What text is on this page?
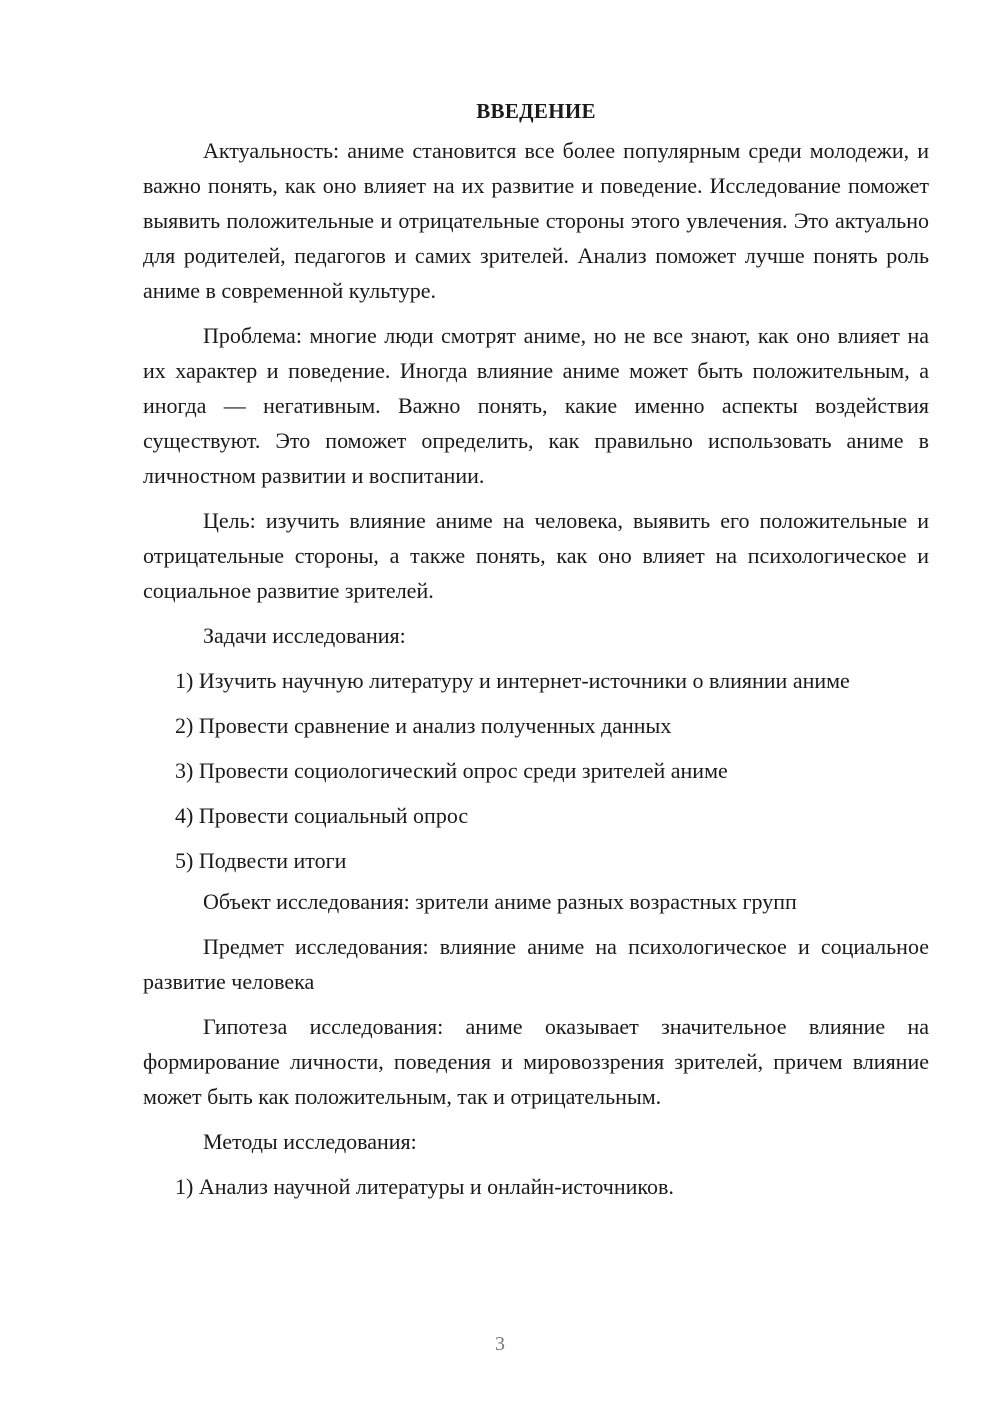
ВВЕДЕНИЕ

Актуальность: аниме становится все более популярным среди молодежи, и важно понять, как оно влияет на их развитие и поведение. Исследование поможет выявить положительные и отрицательные стороны этого увлечения. Это актуально для родителей, педагогов и самих зрителей. Анализ поможет лучше понять роль аниме в современной культуре.

Проблема: многие люди смотрят аниме, но не все знают, как оно влияет на их характер и поведение. Иногда влияние аниме может быть положительным, а иногда — негативным. Важно понять, какие именно аспекты воздействия существуют. Это поможет определить, как правильно использовать аниме в личностном развитии и воспитании.

Цель: изучить влияние аниме на человека, выявить его положительные и отрицательные стороны, а также понять, как оно влияет на психологическое и социальное развитие зрителей.

Задачи исследования:

1) Изучить научную литературу и интернет-источники о влиянии аниме

2) Провести сравнение и анализ полученных данных

3) Провести социологический опрос среди зрителей аниме

4) Провести социальный опрос

5) Подвести итоги

Объект исследования: зрители аниме разных возрастных групп

Предмет исследования: влияние аниме на психологическое и социальное развитие человека

Гипотеза исследования: аниме оказывает значительное влияние на формирование личности, поведения и мировоззрения зрителей, причем влияние может быть как положительным, так и отрицательным.

Методы исследования:

1) Анализ научной литературы и онлайн-источников.

3
